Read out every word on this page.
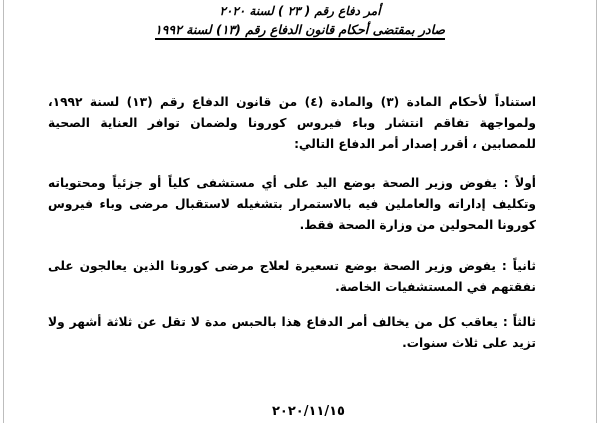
أمر دفاع رقم ( ٢٣ ) لسنة ٢٠٢٠
صادر بمقتضى أحكام قانون الدفاع رقم (١٣) لسنة ١٩٩٢
استناداً لأحكام المادة (٣) والمادة (٤) من قانون الدفاع رقم (١٣) لسنة ١٩٩٢، ولمواجهة تفاقم انتشار وباء فيروس كورونا ولضمان توافر العناية الصحية للمصابين ، أقرر إصدار أمر الدفاع التالي:
أولاً : يفوض وزير الصحة بوضع اليد على أي مستشفى كلياً أو جزئياً ومحتوياته وتكليف إداراته والعاملين فيه بالاستمرار بتشغيله لاستقبال مرضى وباء فيروس كورونا المحولين من وزارة الصحة فقط.
ثانياً : يفوض وزير الصحة بوضع تسعيرة لعلاج مرضى كورونا الذين يعالجون على نفقتهم في المستشفيات الخاصة.
ثالثاً : يعاقب كل من يخالف أمر الدفاع هذا بالحبس مدة لا تقل عن ثلاثة أشهر ولا تزيد على ثلاث سنوات.
٢٠٢٠/١١/١٥
